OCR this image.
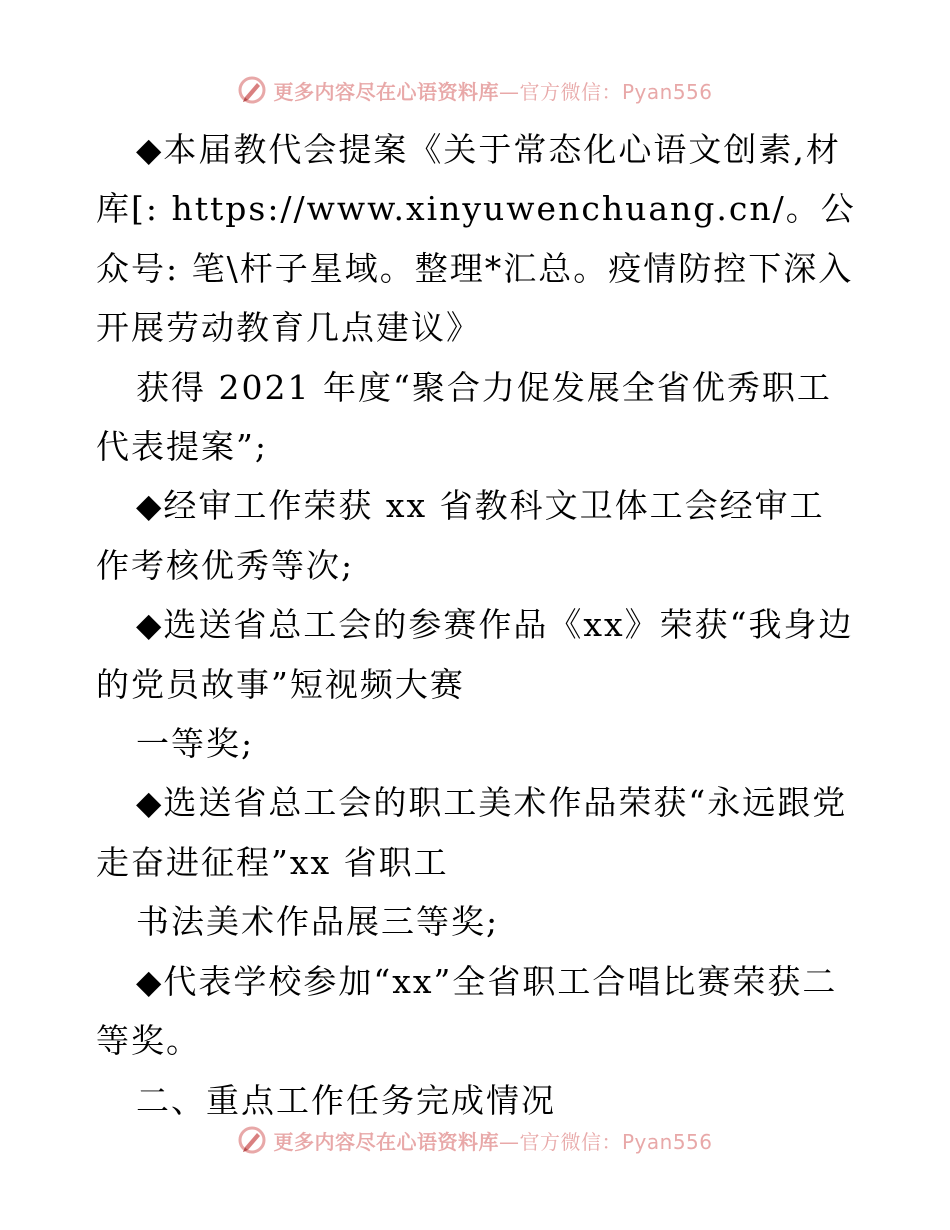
更多内容尽在心语资料库—官方微信：Pyan556

◆本届教代会提案《关于常态化心语文创素,材库[: https://www.xinyuwenchuang.cn/。公众号: 笔\杆子星域。整理*汇总。疫情防控下深入开展劳动教育几点建议》

获得 2021 年度“聚合力促发展全省优秀职工代表提案”;

◆经审工作荣获 xx 省教科文卫体工会经审工作考核优秀等次;

◆选送省总工会的参赛作品《xx》荣获“我身边的党员故事”短视频大赛

一等奖;

◆选送省总工会的职工美术作品荣获“永远跟党走奋进征程”xx 省职工

书法美术作品展三等奖;

◆代表学校参加“xx”全省职工合唱比赛荣获二等奖。

二、重点工作任务完成情况

更多内容尽在心语资料库—官方微信：Pyan556
